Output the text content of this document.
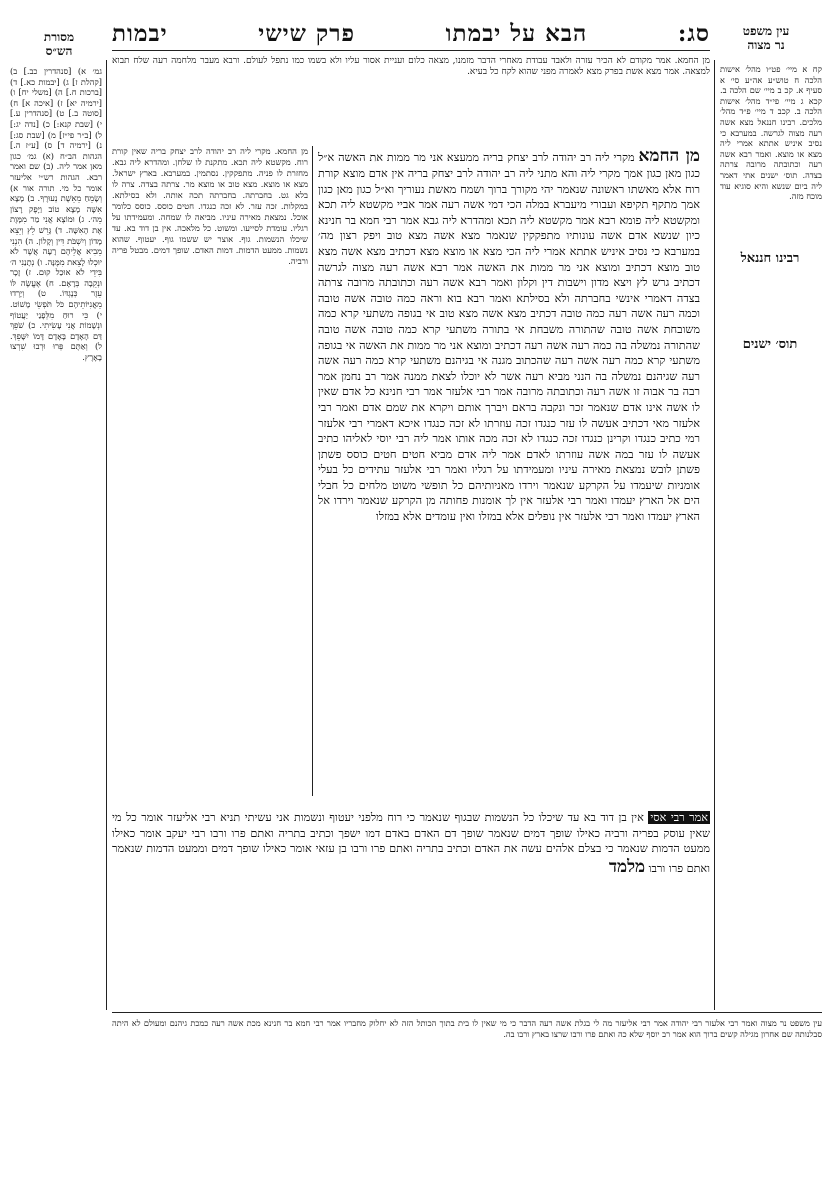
סג:
הבא על יבמתו
פרק שישי
יבמות
מסורת
הש״ס
עין משפט
נר מצוה
גמ׳ א) [סנהדרין כב.] ב) [קהלת ז] ג) [יבמות כא.] ד) [ברכות ח.] ה) [משלי יח] ו) [ירמיה יא] ז) [איכה א] ח) [סוטה ב.] ט) [סנהדרין ע.] י) [שבת קנא:] כ) [נדה יג:] ל) [ב״ר פי״ז] מ) [שבת סג:] נ) [ירמיה ד] ס) [ע״ז ה.] הגהות הב״ח (א) גמ׳ כגון מאן אמר ליה. (ב) שם ואמר רבא. הגהות רש״י אליעזר אומר כל מי. תורה אור א) וְשָׂמֵחַ מֵאֵשֶׁת נְעוּרֶךָ. ב) מָצָא אִשָּׁה מָצָא טוֹב וַיָּפֶק רָצוֹן מֵה׳. ג) וּמוֹצֶא אֲנִי מַר מִמָּוֶת אֶת הָאִשָּׁה. ד) גָּרֵשׁ לֵץ וְיֵצֵא מָדוֹן וְיִשְׁבֹּת דִּין וְקָלוֹן. ה) הִנְנִי מֵבִיא אֲלֵיהֶם רָעָה אֲשֶׁר לֹא יוּכְלוּ לָצֵאת מִמֶּנָּה. ו) נְתָנַנִי ה׳ בִּידֵי לֹא אוּכַל קוּם. ז) זָכָר וּנְקֵבָה בְּרָאָם. ח) אֶעֱשֶׂה לּוֹ עֵזֶר כְּנֶגְדּוֹ. ט) וְיָרְדוּ מֵאֳנִיּוֹתֵיהֶם כֹּל תֹּפְשֵׂי מָשׁוֹט. י) כִּי רוּחַ מִלְּפָנַי יַעֲטוֹף וּנְשָׁמוֹת אֲנִי עָשִׂיתִי. כ) שֹׁפֵךְ דַּם הָאָדָם בָּאָדָם דָּמוֹ יִשָּׁפֵךְ. ל) וְאַתֶּם פְּרוּ וּרְבוּ שִׁרְצוּ בָאָרֶץ.
קח א מיי׳ פט״ו מהל׳ אישות הלכה ח טוש״ע אה״ע סי׳ א סעיף א. קכ ב מיי׳ שם הלכה ב. קכא ג מיי׳ פי״ד מהל׳ אישות הלכה ב. קכב ד מיי׳ פ״ד מהל׳ מלכים. רבינו חננאל מצא אשה רעה מצוה לגרשה. במערבא כי נסיב איניש אתתא אמרי ליה מצא או מוצא. ואמר רבא אשה רעה וכתובתה מרובה צרתה בצדה. תוס׳ ישנים אתי דאמר ליה ביום שנשא והיא סוגיא עוד מוכח מזה.
רבינו חננאל
תוס׳ ישנים
מן החמא. אמר מקודם לא הכיר עזרה ולאבד עבודת מאחרי הדבר מזמנו, מצאה כלום ועניית אסור עליו ולא בשמו כמו נתפל לעולם. ורבא מעבר מלחמה רעה שלח תבוא למצאה. אמר מצא אשת בפרק מצא לאמרה מפני שהוא לקח כל בעיא.
מן החמא. מקרי ליה רב יהודה לרב יצחק בריה שאין קורת רוח. מקשטא ליה תכא. מתקנת לו שלחן. ומהדרא ליה גבא. מחזרת לו פניה. מתפקקין. נסתמין. במערבא. בארץ ישראל. מצא או מוצא. מצא טוב או מוצא מר. צרתה בצדה. צרה לו בלא גט. בחברתה. בחברתה תכה אותה. ולא בסילתא. במקלות. זכה עזר. לא זכה כנגדו. חטים כוסס. כוסס כלומר אוכל. נמצאת מאירה עיניו. מביאה לו שמחה. ומעמידתו על רגליו. עומדת לסייעו. ומשוט. כל מלאכה. אין בן דוד בא. עד שיכלו הנשמות. גוף. אוצר יש ששמו גוף. יעטוף. שהוא נשמות. ממעט הדמות. דמות האדם. שופך דמים. מבטל פריה ורביה.
מן החמא מקרי ליה רב יהודה לרב יצחק בריה ממעצא אני מר ממות את האשה א״ל כגון מאן כגון אמך מקרי ליה והא מתני ליה רב יהודה לרב יצחק בריה אין אדם מוצא קורת רוח אלא מאשתו ראשונה שנאמר יהי מקורך ברוך ושמח מאשת נעוריך וא״ל כגון מאן כגון אמך מתקף תקיפא ועבורי מיעברא במלה הכי דמי אשה רעה אמר אביי מקשטא ליה תכא ומקשטא ליה פומא רבא אמר מקשטא ליה תכא ומהדרא ליה גבא אמר רבי חמא בר חנינא כיון שנשא אדם אשה עונותיו מתפקקין שנאמר מצא אשה מצא טוב ויפק רצון מה׳ במערבא כי נסיב איניש אתתא אמרי ליה הכי מצא או מוצא מצא דכתיב מצא אשה מצא טוב מוצא דכתיב ומוצא אני מר ממות את האשה אמר רבא אשה רעה מצוה לגרשה דכתיב גרש לץ ויצא מדון וישבות דין וקלון ואמר רבא אשה רעה וכתובתה מרובה צרתה בצדה דאמרי אינשי בחברתה ולא בסילתא ואמר רבא בוא וראה כמה טובה אשה טובה וכמה רעה אשה רעה כמה טובה דכתיב מצא אשה מצא טוב אי בגופה משתעי קרא כמה משובחת אשה טובה שהתורה משבחת אי בתורה משתעי קרא כמה טובה אשה טובה שהתורה נמשלה בה כמה רעה אשה רעה דכתיב ומוצא אני מר ממות את האשה אי בגופה משתעי קרא כמה רעה אשה רעה שהכתוב מגנה אי בגיהנם משתעי קרא כמה רעה אשה רעה שגיהנם נמשלה בה הנני מביא רעה אשר לא יוכלו לצאת ממנה אמר רב נחמן אמר רבה בר אבוה זו אשה רעה וכתובתה מרובה אמר רבי אלעזר אמר רבי חנינא כל אדם שאין לו אשה אינו אדם שנאמר זכר ונקבה בראם ויברך אותם ויקרא את שמם אדם ואמר רבי אלעזר מאי דכתיב אעשה לו עזר כנגדו זכה עוזרתו לא זכה כנגדו איכא דאמרי רבי אלעזר רמי כתיב כנגדו וקרינן כנגדו זכה כנגדו לא זכה מכה אותו אמר ליה רבי יוסי לאליהו כתיב אעשה לו עזר במה אשה עוזרתו לאדם אמר ליה אדם מביא חטים חטים כוסס פשתן פשתן לובש נמצאת מאירה עיניו ומעמידתו על רגליו ואמר רבי אלעזר עתידים כל בעלי אומניות שיעמדו על הקרקע שנאמר וירדו מאניותיהם כל תופשי משוט מלחים כל חבלי הים אל הארץ יעמדו ואמר רבי אלעזר אין לך אומנות פחותה מן הקרקע שנאמר וירדו אל הארץ יעמדו ואמר רבי אלעזר אין נופלים אלא במזלו ואין עומדים אלא במזלו
אמר רבי אסי אין בן דוד בא עד שיכלו כל הנשמות שבגוף שנאמר כי רוח מלפני יעטוף ונשמות אני עשיתי תניא רבי אליעזר אומר כל מי שאין עוסק בפריה ורביה כאילו שופך דמים שנאמר שופך דם האדם באדם דמו ישפך וכתיב בתריה ואתם פרו ורבו רבי יעקב אומר כאילו ממעט הדמות שנאמר כי בצלם אלהים עשה את האדם וכתיב בתריה ואתם פרו ורבו בן עזאי אומר כאילו שופך דמים וממעט הדמות שנאמר ואתם פרו ורבו מלמד
עין משפט נר מצוה ואמר רבי אלעזר רבי יהודה אמר רבי אליעזר מה לי בגלת אשה רעה הדבר כי מי שאין לו בית בתוך הכותל הזה לא יחלוק מחבריו אמר רבי חמא בר חנינא מכת אשה רעה כמכת גיהנם ומעולם לא היתה סבלנותה שם אחרון מגילה קשים ברוך הוא אמר רב יוסף שלא כה ואתם פרו ורבו שרצו בארץ ורבו בה.
